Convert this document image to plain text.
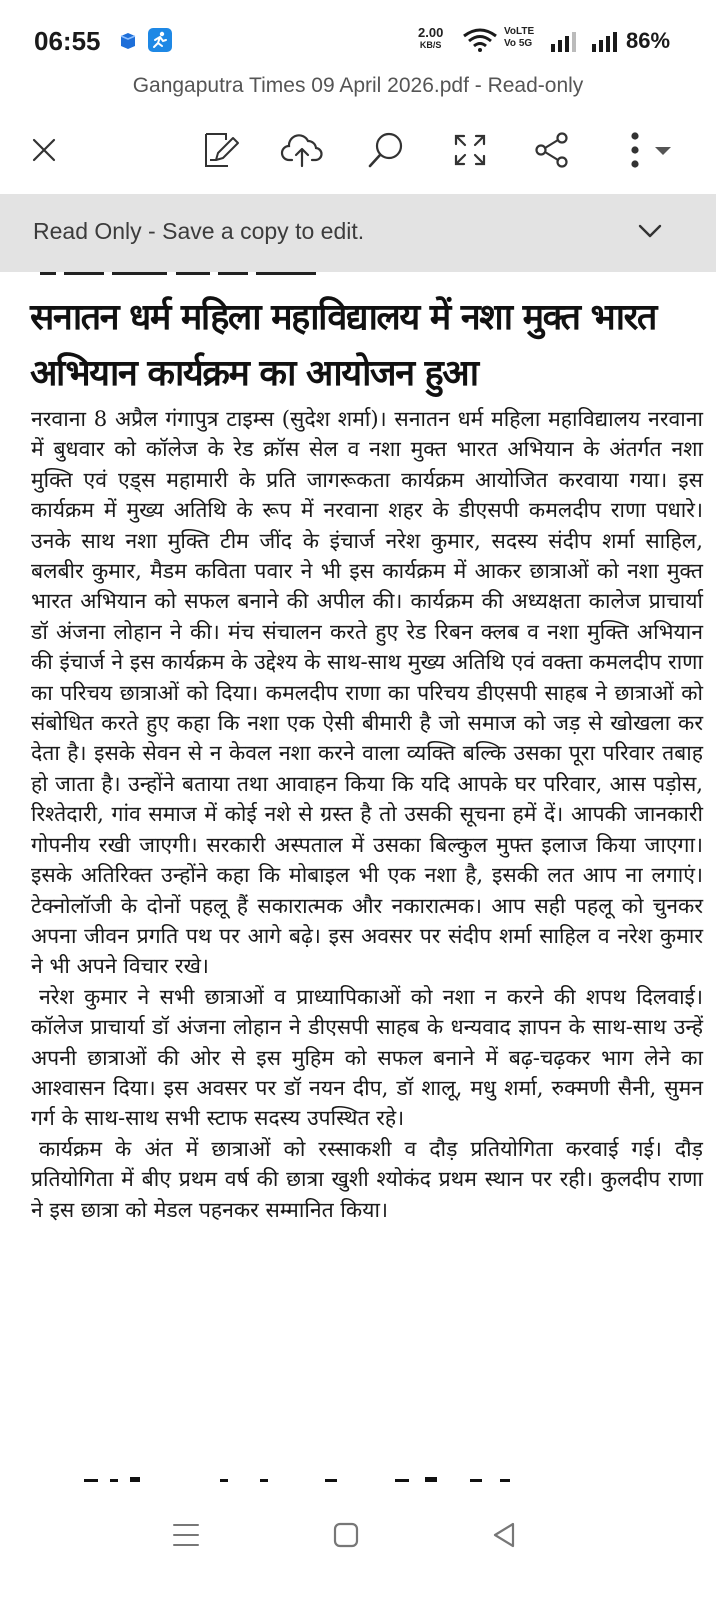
06:55	2.00
KB/S
VoLTE
Vo 5G	86%
Gangaputra Times 09 April 2026.pdf - Read-only
Read Only - Save a copy to edit.
सनातन धर्म महिला महाविद्यालय में नशा मुक्त भारत अभियान कार्यक्रम का आयोजन हुआ

नरवाना 8 अप्रैल गंगापुत्र टाइम्स (सुदेश शर्मा)। सनातन धर्म महिला महाविद्यालय नरवाना में बुधवार को कॉलेज के रेड क्रॉस सेल व नशा मुक्त भारत अभियान के अंतर्गत नशा मुक्ति एवं एड्स महामारी के प्रति जागरूकता कार्यक्रम आयोजित करवाया गया। इस कार्यक्रम में मुख्य अतिथि के रूप में नरवाना शहर के डीएसपी कमलदीप राणा पधारे। उनके साथ नशा मुक्ति टीम जींद के इंचार्ज नरेश कुमार, सदस्य संदीप शर्मा साहिल, बलबीर कुमार, मैडम कविता पवार ने भी इस कार्यक्रम में आकर छात्राओं को नशा मुक्त भारत अभियान को सफल बनाने की अपील की। कार्यक्रम की अध्यक्षता कालेज प्राचार्या डॉ अंजना लोहान ने की। मंच संचालन करते हुए रेड रिबन क्लब व नशा मुक्ति अभियान की इंचार्ज ने इस कार्यक्रम के उद्देश्य के साथ-साथ मुख्य अतिथि एवं वक्ता कमलदीप राणा का परिचय छात्राओं को दिया। कमलदीप राणा का परिचय डीएसपी साहब ने छात्राओं को संबोधित करते हुए कहा कि नशा एक ऐसी बीमारी है जो समाज को जड़ से खोखला कर देता है। इसके सेवन से न केवल नशा करने वाला व्यक्ति बल्कि उसका पूरा परिवार तबाह हो जाता है। उन्होंने बताया तथा आवाहन किया कि यदि आपके घर परिवार, आस पड़ोस, रिश्तेदारी, गांव समाज में कोई नशे से ग्रस्त है तो उसकी सूचना हमें दें। आपकी जानकारी गोपनीय रखी जाएगी। सरकारी अस्पताल में उसका बिल्कुल मुफ्त इलाज किया जाएगा। इसके अतिरिक्त उन्होंने कहा कि मोबाइल भी एक नशा है, इसकी लत आप ना लगाएं। टेक्नोलॉजी के दोनों पहलू हैं सकारात्मक और नकारात्मक। आप सही पहलू को चुनकर अपना जीवन प्रगति पथ पर आगे बढ़े। इस अवसर पर संदीप शर्मा साहिल व नरेश कुमार ने भी अपने विचार रखे।

नरेश कुमार ने सभी छात्राओं व प्राध्यापिकाओं को नशा न करने की शपथ दिलवाई। कॉलेज प्राचार्या डॉ अंजना लोहान ने डीएसपी साहब के धन्यवाद ज्ञापन के साथ-साथ उन्हें अपनी छात्राओं की ओर से इस मुहिम को सफल बनाने में बढ़-चढ़कर भाग लेने का आश्वासन दिया। इस अवसर पर डॉ नयन दीप, डॉ शालू, मधु शर्मा, रुक्मणी सैनी, सुमन गर्ग के साथ-साथ सभी स्टाफ सदस्य उपस्थित रहे।

कार्यक्रम के अंत में छात्राओं को रस्साकशी व दौड़ प्रतियोगिता करवाई गई। दौड़ प्रतियोगिता में बीए प्रथम वर्ष की छात्रा खुशी श्योकंद प्रथम स्थान पर रही। कुलदीप राणा ने इस छात्रा को मेडल पहनकर सम्मानित किया।
